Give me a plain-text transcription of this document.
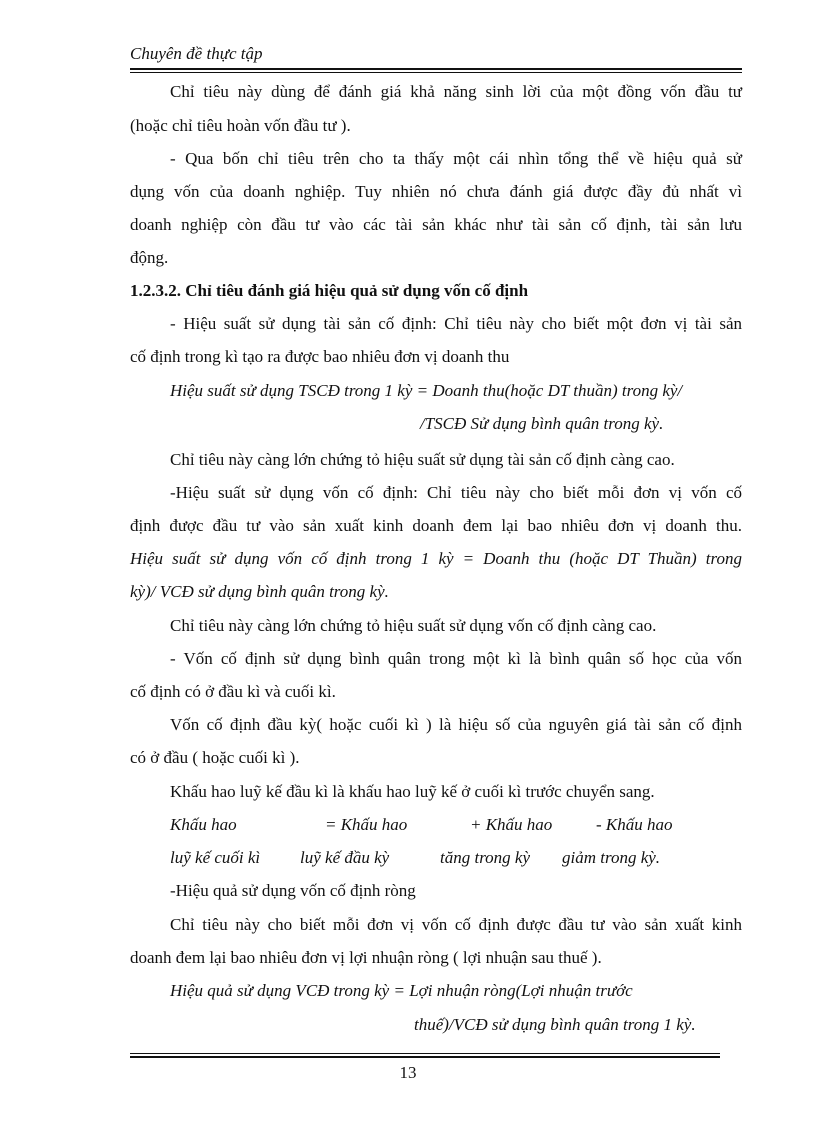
Chuyên đề thực tập
Chỉ tiêu này dùng để đánh giá khả năng sinh lời của một đồng vốn đầu tư
(hoặc chỉ tiêu hoàn vốn đầu tư ).
- Qua bốn chỉ tiêu trên cho ta thấy một cái nhìn tổng thể về hiệu quả sử
dụng vốn của doanh nghiệp. Tuy nhiên nó chưa đánh giá được đầy đủ nhất vì
doanh nghiệp còn đầu tư vào các tài sản khác như tài sản cố định, tài sản lưu
động.
1.2.3.2. Chỉ tiêu đánh giá hiệu quả sử dụng vốn cố định
- Hiệu suất sử dụng tài sản cố định: Chỉ tiêu này cho biết một đơn vị tài sản
cố định trong kì tạo ra được bao nhiêu đơn vị doanh thu
Hiệu suất sử dụng TSCĐ trong 1 kỳ = Doanh thu(hoặc DT thuần) trong kỳ/
/TSCĐ Sử dụng bình quân trong kỳ.
Chỉ tiêu này càng lớn chứng tỏ hiệu suất sử dụng tài sản cố định càng cao.
-Hiệu suất sử dụng vốn cố định: Chỉ tiêu này cho biết mỗi đơn vị vốn cố
định được đầu tư vào sản xuất kinh doanh đem lại bao nhiêu đơn vị doanh thu.
Hiệu suất sử dụng vốn cố định trong 1 kỳ = Doanh thu (hoặc DT Thuần) trong
kỳ)/ VCĐ sử dụng bình quân trong kỳ.
Chỉ tiêu này càng lớn chứng tỏ hiệu suất sử dụng vốn cố định càng cao.
- Vốn cố định sử dụng bình quân trong một kì là bình quân số học của vốn
cố định có ở đầu kì và cuối kì.
Vốn cố định đầu kỳ( hoặc cuối kì ) là hiệu số của nguyên giá tài sản cố định
có ở đầu ( hoặc cuối kì ).
Khấu hao luỹ kế đầu kì là khấu hao luỹ kế ở cuối kì trước chuyển sang.
Khấu hao	= Khấu hao	+ Khấu hao	- Khấu hao
luỹ kế cuối kì luỹ kế đầu kỳ	tăng trong kỳ giảm trong kỳ.
-Hiệu quả sử dụng vốn cố định ròng
Chỉ tiêu này cho biết mỗi đơn vị vốn cố định được đầu tư vào sản xuất kinh
doanh đem lại bao nhiêu đơn vị lợi nhuận ròng ( lợi nhuận sau thuế ).
Hiệu quả sử dụng VCĐ trong kỳ = Lợi nhuận ròng(Lợi nhuận trước
thuế)/VCĐ sử dụng bình quân trong 1 kỳ.
13
